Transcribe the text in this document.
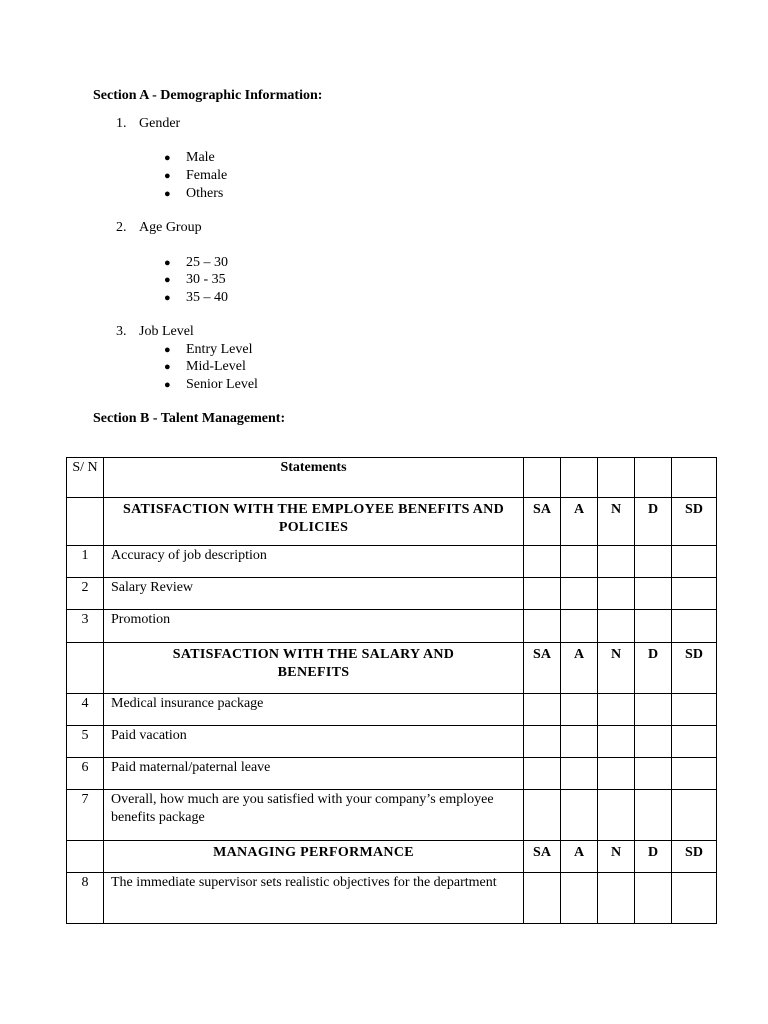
Section A - Demographic Information:
1. Gender
● Male
● Female
● Others
2. Age Group
● 25 – 30
● 30 - 35
● 35 – 40
3. Job Level
● Entry Level
● Mid-Level
● Senior Level
Section B - Talent Management:
S/ N	Statements					
	SATISFACTION WITH THE EMPLOYEE BENEFITS AND POLICIES	SA	A	N	D	SD
1	Accuracy of job description					
2	Salary Review					
3	Promotion					
	SATISFACTION WITH THE SALARY AND BENEFITS	SA	A	N	D	SD
4	Medical insurance package					
5	Paid vacation					
6	Paid maternal/paternal leave					
7	Overall, how much are you satisfied with your company’s employee benefits package					
	MANAGING PERFORMANCE	SA	A	N	D	SD
8	The immediate supervisor sets realistic objectives for the department					
